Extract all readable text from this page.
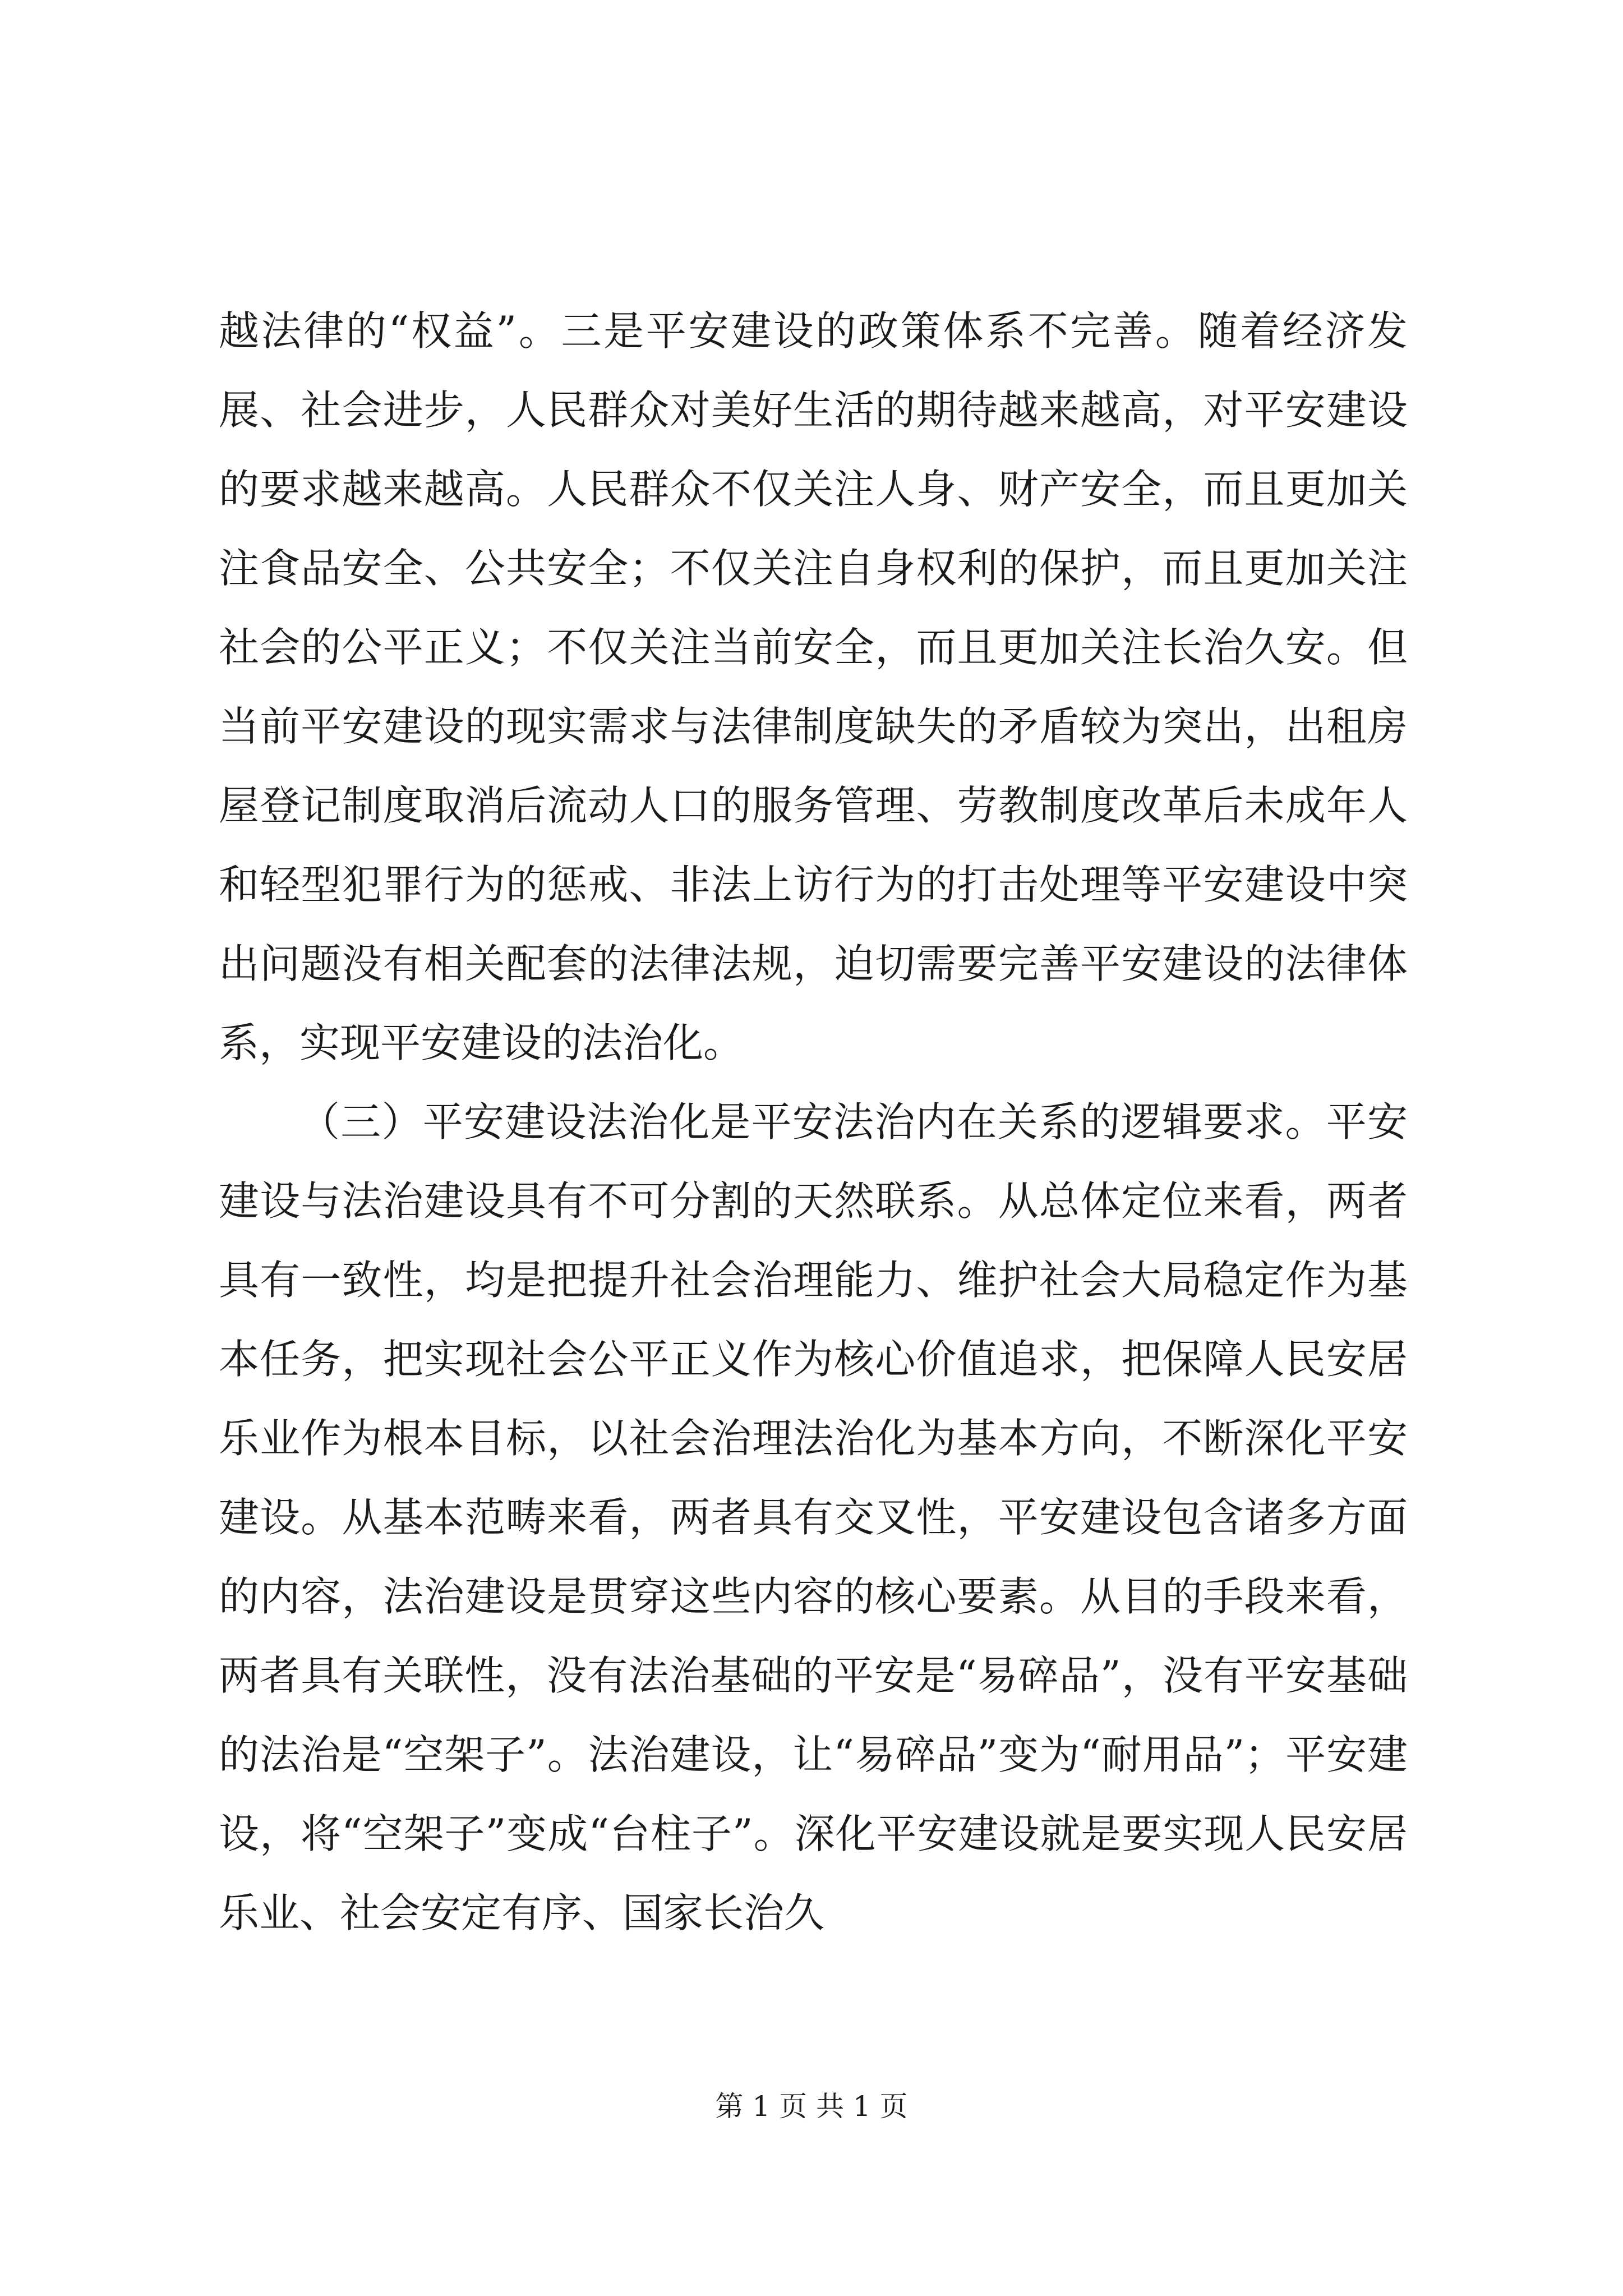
越法律的“权益”。三是平安建设的政策体系不完善。随着经济发展、社会进步，人民群众对美好生活的期待越来越高，对平安建设的要求越来越高。人民群众不仅关注人身、财产安全，而且更加关注食品安全、公共安全；不仅关注自身权利的保护，而且更加关注社会的公平正义；不仅关注当前安全，而且更加关注长治久安。但当前平安建设的现实需求与法律制度缺失的矛盾较为突出，出租房屋登记制度取消后流动人口的服务管理、劳教制度改革后未成年人和轻型犯罪行为的惩戒、非法上访行为的打击处理等平安建设中突出问题没有相关配套的法律法规，迫切需要完善平安建设的法律体系，实现平安建设的法治化。

（三）平安建设法治化是平安法治内在关系的逻辑要求。平安建设与法治建设具有不可分割的天然联系。从总体定位来看，两者具有一致性，均是把提升社会治理能力、维护社会大局稳定作为基本任务，把实现社会公平正义作为核心价值追求，把保障人民安居乐业作为根本目标，以社会治理法治化为基本方向，不断深化平安建设。从基本范畴来看，两者具有交叉性，平安建设包含诸多方面的内容，法治建设是贯穿这些内容的核心要素。从目的手段来看，两者具有关联性，没有法治基础的平安是“易碎品”，没有平安基础的法治是“空架子”。法治建设，让“易碎品”变为“耐用品”；平安建设，将“空架子”变成“台柱子”。深化平安建设就是要实现人民安居乐业、社会安定有序、国家长治久

第 1 页 共 1 页
